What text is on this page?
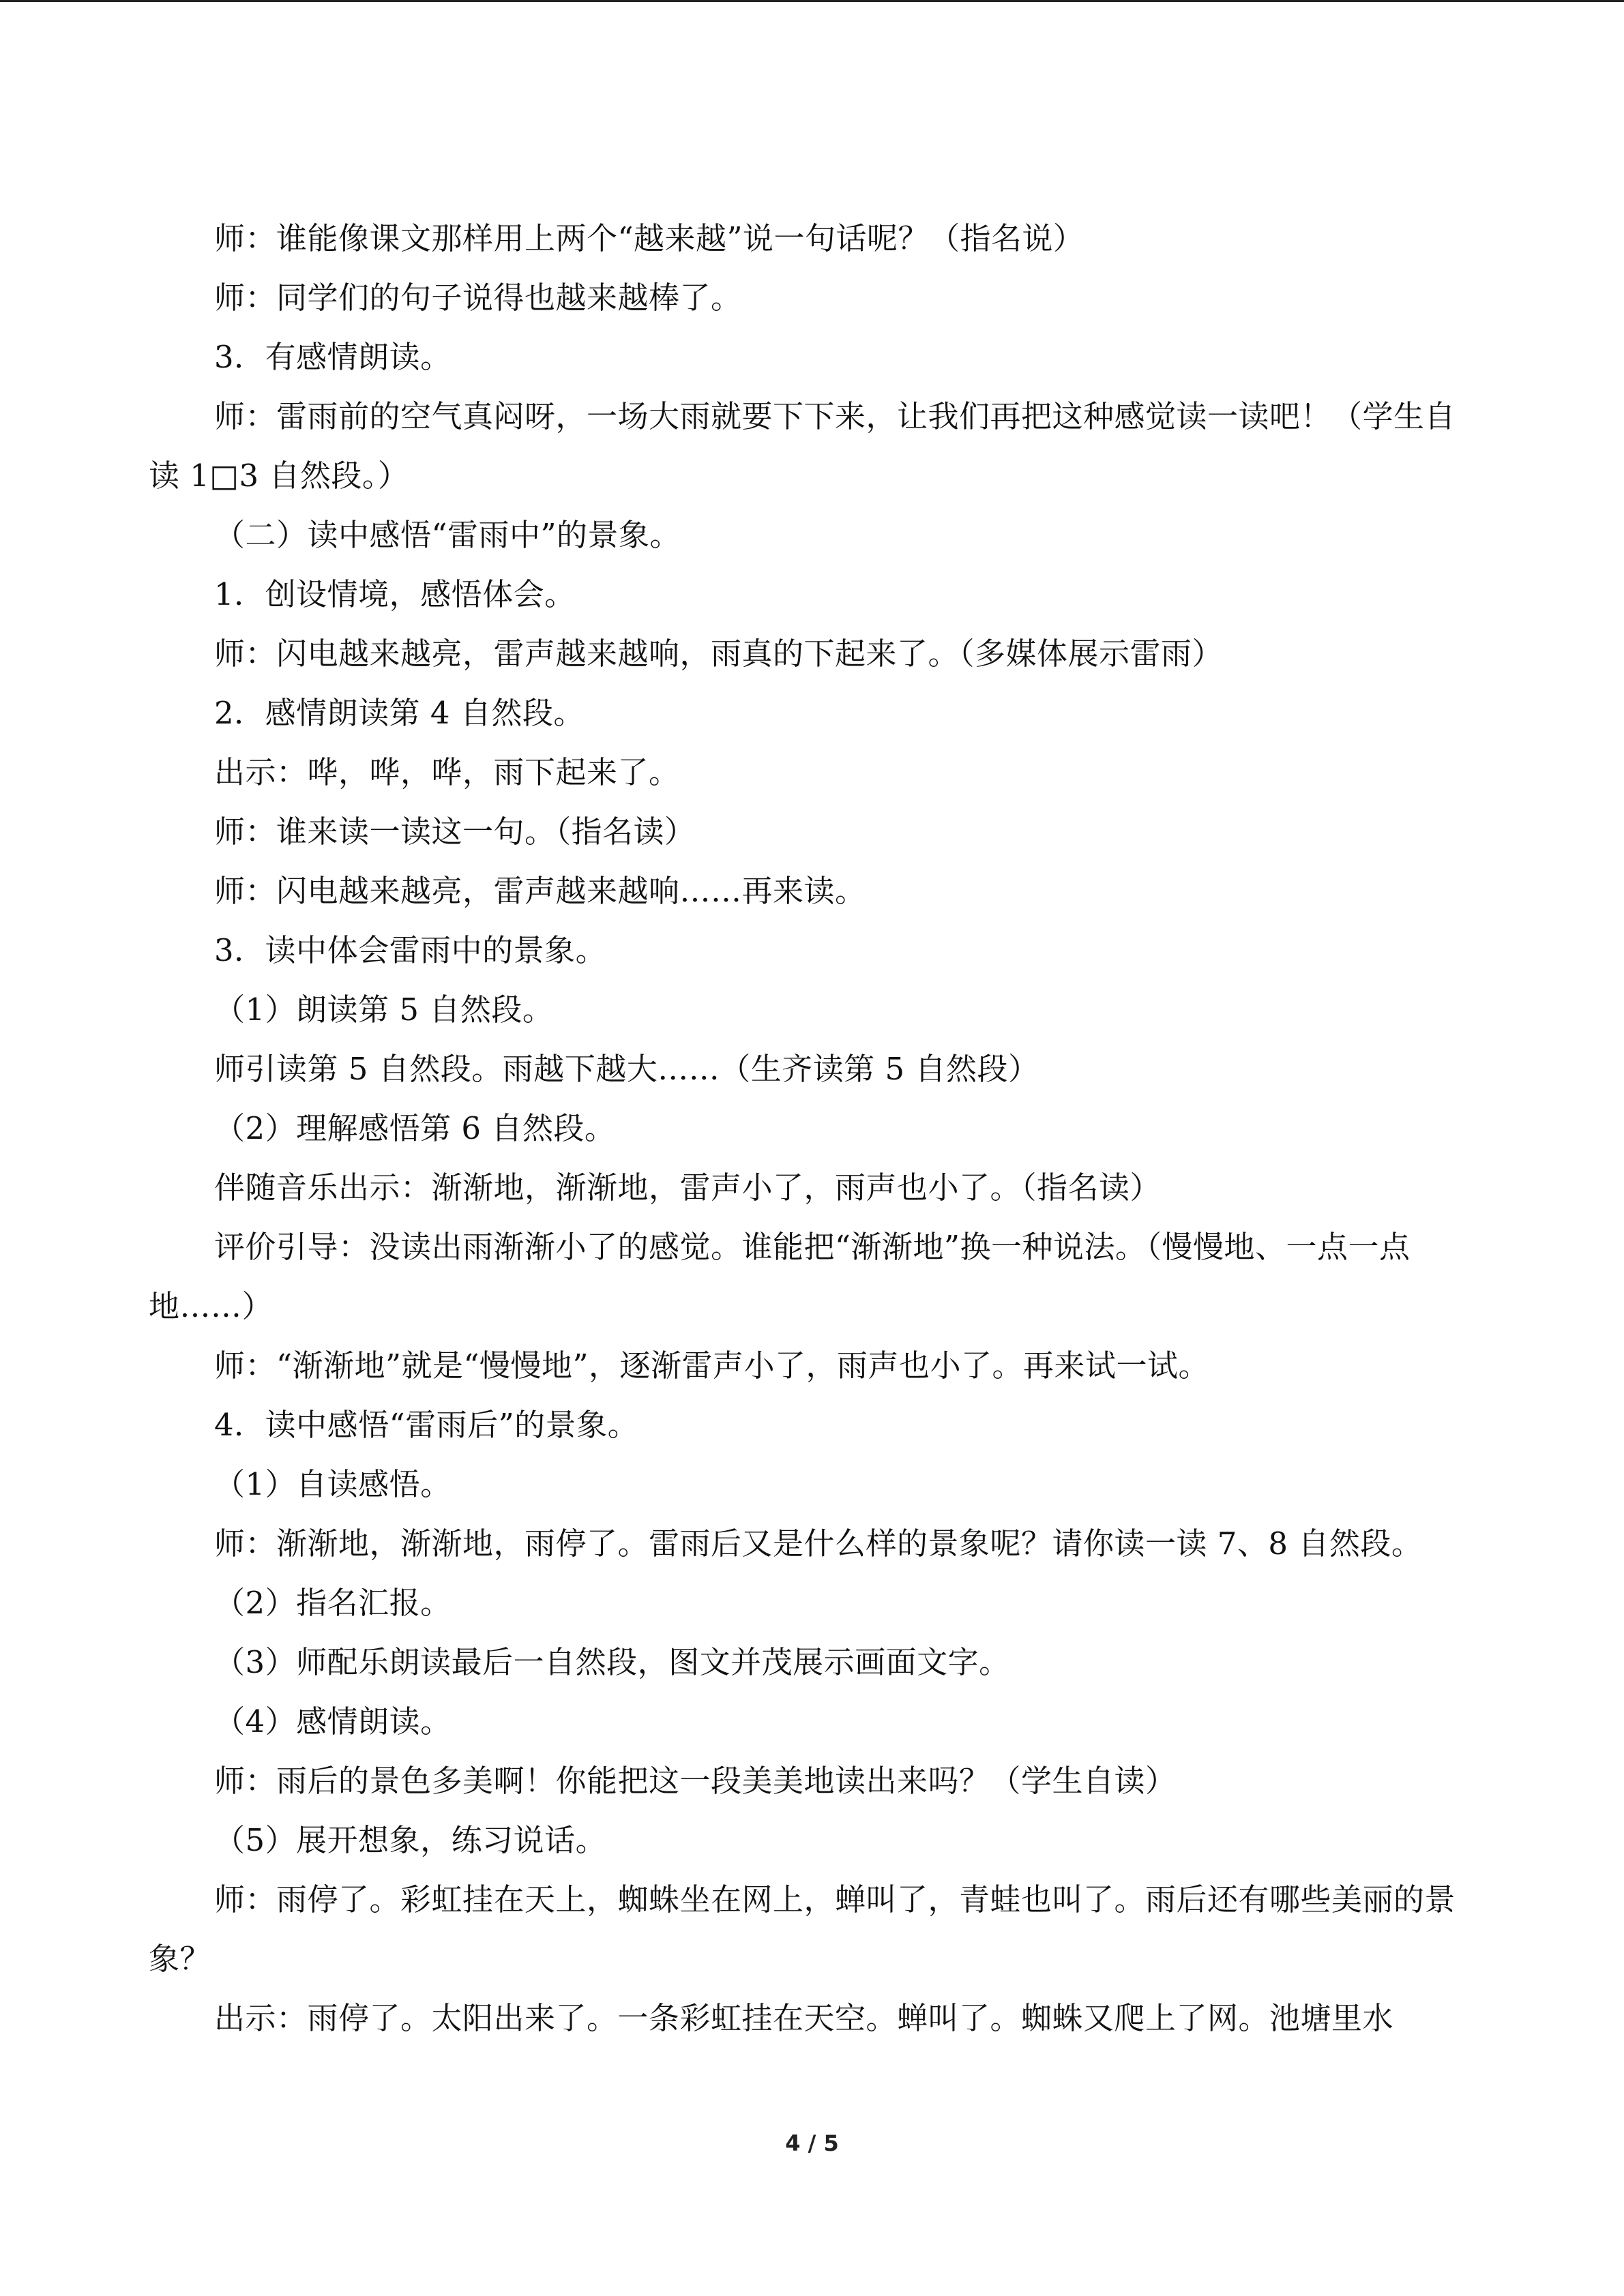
师：谁能像课文那样用上两个“越来越”说一句话呢？（指名说）

师：同学们的句子说得也越来越棒了。

3．有感情朗读。

师：雷雨前的空气真闷呀，一场大雨就要下下来，让我们再把这种感觉读一读吧！（学生自读 1□3 自然段。）

（二）读中感悟“雷雨中”的景象。

1．创设情境，感悟体会。

师：闪电越来越亮，雷声越来越响，雨真的下起来了。（多媒体展示雷雨）

2．感情朗读第 4 自然段。

出示：哗，哗，哗，雨下起来了。

师：谁来读一读这一句。（指名读）

师：闪电越来越亮，雷声越来越响……再来读。

3．读中体会雷雨中的景象。

（1）朗读第 5 自然段。

师引读第 5 自然段。雨越下越大……（生齐读第 5 自然段）

（2）理解感悟第 6 自然段。

伴随音乐出示：渐渐地，渐渐地，雷声小了，雨声也小了。（指名读）

评价引导：没读出雨渐渐小了的感觉。谁能把“渐渐地”换一种说法。（慢慢地、一点一点地……）

师：“渐渐地”就是“慢慢地”，逐渐雷声小了，雨声也小了。再来试一试。

4．读中感悟“雷雨后”的景象。

（1）自读感悟。

师：渐渐地，渐渐地，雨停了。雷雨后又是什么样的景象呢？请你读一读 7、8 自然段。

（2）指名汇报。

（3）师配乐朗读最后一自然段，图文并茂展示画面文字。

（4）感情朗读。

师：雨后的景色多美啊！你能把这一段美美地读出来吗？（学生自读）

（5）展开想象，练习说话。

师：雨停了。彩虹挂在天上，蜘蛛坐在网上，蝉叫了，青蛙也叫了。雨后还有哪些美丽的景象？

出示：雨停了。太阳出来了。一条彩虹挂在天空。蝉叫了。蜘蛛又爬上了网。池塘里水

4 / 5
